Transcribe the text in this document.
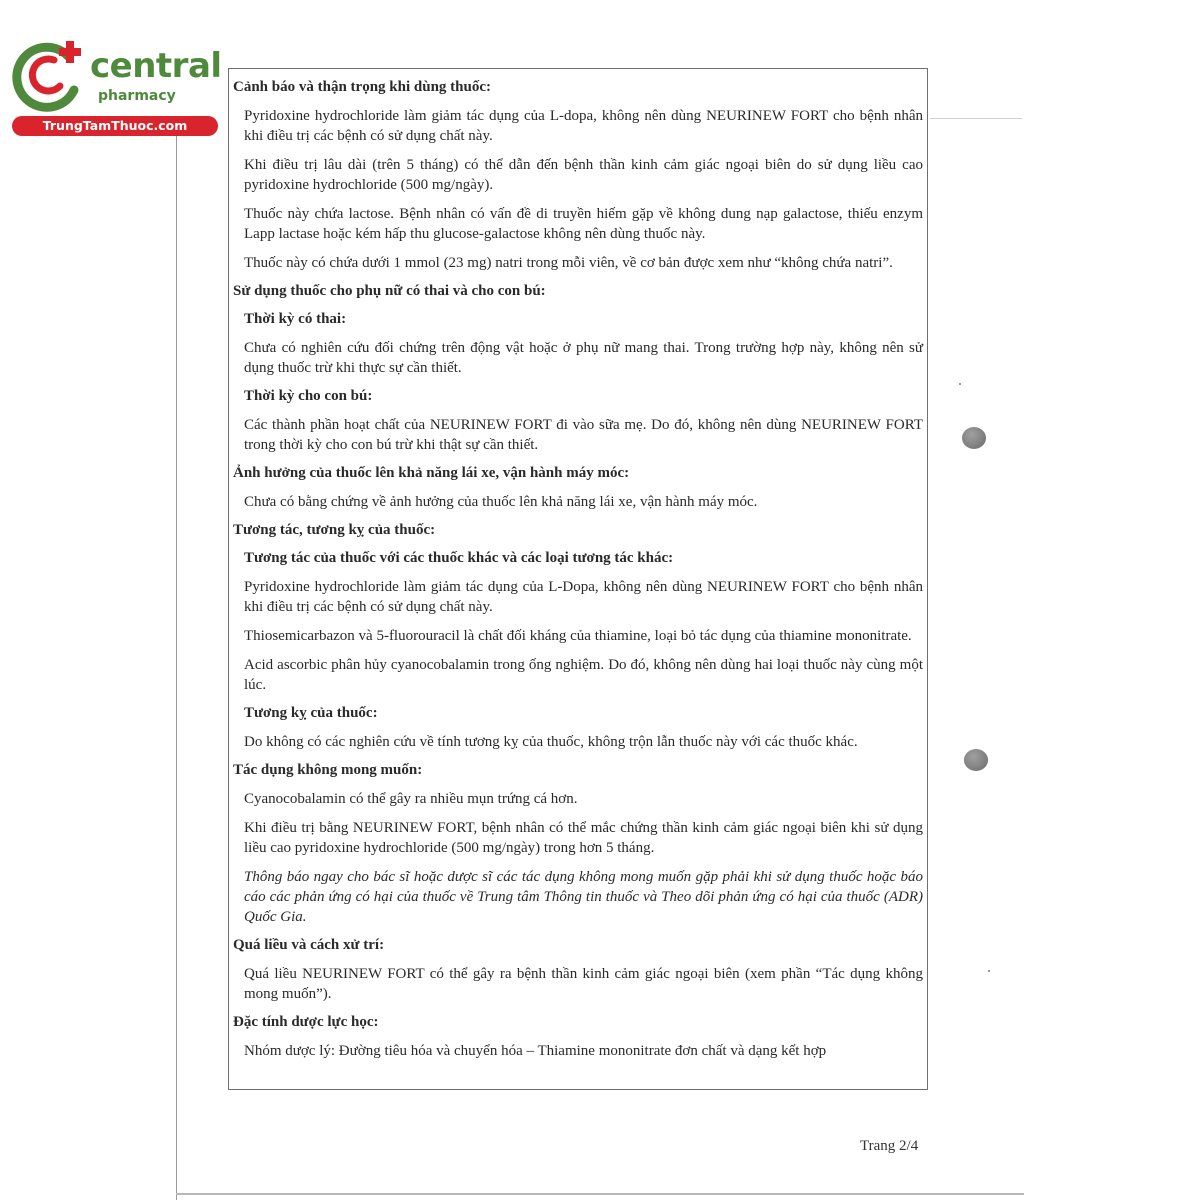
central
pharmacy
TrungTamThuoc.com
Cảnh báo và thận trọng khi dùng thuốc:
Pyridoxine hydrochloride làm giảm tác dụng của L-dopa, không nên dùng NEURINEW FORT cho bệnh nhân khi điều trị các bệnh có sử dụng chất này.
Khi điều trị lâu dài (trên 5 tháng) có thể dẫn đến bệnh thần kinh cảm giác ngoại biên do sử dụng liều cao pyridoxine hydrochloride (500 mg/ngày).
Thuốc này chứa lactose. Bệnh nhân có vấn đề di truyền hiếm gặp về không dung nạp galactose, thiếu enzym Lapp lactase hoặc kém hấp thu glucose-galactose không nên dùng thuốc này.
Thuốc này có chứa dưới 1 mmol (23 mg) natri trong mỗi viên, về cơ bản được xem như “không chứa natri”.
Sử dụng thuốc cho phụ nữ có thai và cho con bú:
Thời kỳ có thai:
Chưa có nghiên cứu đối chứng trên động vật hoặc ở phụ nữ mang thai. Trong trường hợp này, không nên sử dụng thuốc trừ khi thực sự cần thiết.
Thời kỳ cho con bú:
Các thành phần hoạt chất của NEURINEW FORT đi vào sữa mẹ. Do đó, không nên dùng NEURINEW FORT trong thời kỳ cho con bú trừ khi thật sự cần thiết.
Ảnh hưởng của thuốc lên khả năng lái xe, vận hành máy móc:
Chưa có bằng chứng về ảnh hưởng của thuốc lên khả năng lái xe, vận hành máy móc.
Tương tác, tương kỵ của thuốc:
Tương tác của thuốc với các thuốc khác và các loại tương tác khác:
Pyridoxine hydrochloride làm giảm tác dụng của L-Dopa, không nên dùng NEURINEW FORT cho bệnh nhân khi điều trị các bệnh có sử dụng chất này.
Thiosemicarbazon và 5-fluorouracil là chất đối kháng của thiamine, loại bỏ tác dụng của thiamine mononitrate.
Acid ascorbic phân hủy cyanocobalamin trong ống nghiệm. Do đó, không nên dùng hai loại thuốc này cùng một lúc.
Tương kỵ của thuốc:
Do không có các nghiên cứu về tính tương kỵ của thuốc, không trộn lẫn thuốc này với các thuốc khác.
Tác dụng không mong muốn:
Cyanocobalamin có thể gây ra nhiều mụn trứng cá hơn.
Khi điều trị bằng NEURINEW FORT, bệnh nhân có thể mắc chứng thần kinh cảm giác ngoại biên khi sử dụng liều cao pyridoxine hydrochloride (500 mg/ngày) trong hơn 5 tháng.
Thông báo ngay cho bác sĩ hoặc dược sĩ các tác dụng không mong muốn gặp phải khi sử dụng thuốc hoặc báo cáo các phản ứng có hại của thuốc về Trung tâm Thông tin thuốc và Theo dõi phản ứng có hại của thuốc (ADR) Quốc Gia.
Quá liều và cách xử trí:
Quá liều NEURINEW FORT có thể gây ra bệnh thần kinh cảm giác ngoại biên (xem phần “Tác dụng không mong muốn”).
Đặc tính dược lực học:
Nhóm dược lý: Đường tiêu hóa và chuyển hóa – Thiamine mononitrate đơn chất và dạng kết hợp
Trang 2/4
